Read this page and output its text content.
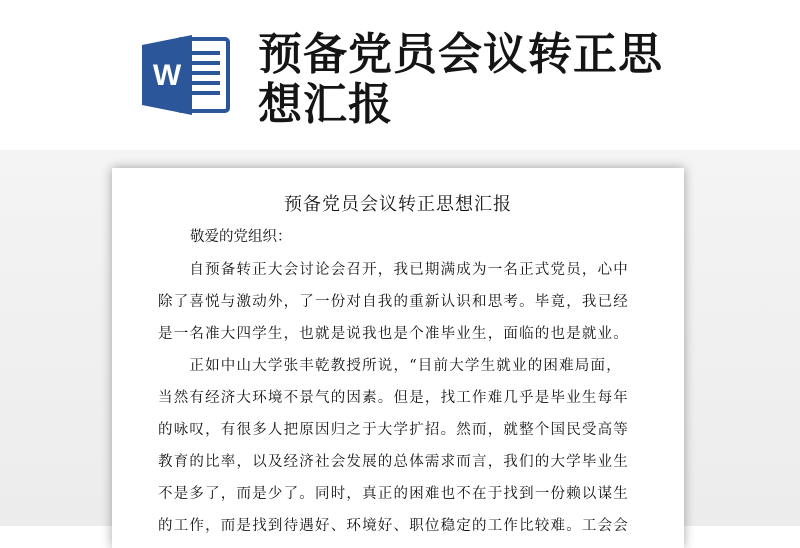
W 预备党员会议转正思想汇报
预备党员会议转正思想汇报
敬爱的党组织：
　　自预备转正大会讨论会召开，我已期满成为一名正式党员，心中
除了喜悦与激动外，了一份对自我的重新认识和思考。毕竟，我已经
是一名准大四学生，也就是说我也是个准毕业生，面临的也是就业。
　　正如中山大学张丰乾教授所说，“目前大学生就业的困难局面，
当然有经济大环境不景气的因素。但是，找工作难几乎是毕业生每年
的咏叹，有很多人把原因归之于大学扩招。然而，就整个国民受高等
教育的比率，以及经济社会发展的总体需求而言，我们的大学毕业生
不是多了，而是少了。同时，真正的困难也不在于找到一份赖以谋生
的工作，而是找到待遇好、环境好、职位稳定的工作比较难。工会会
